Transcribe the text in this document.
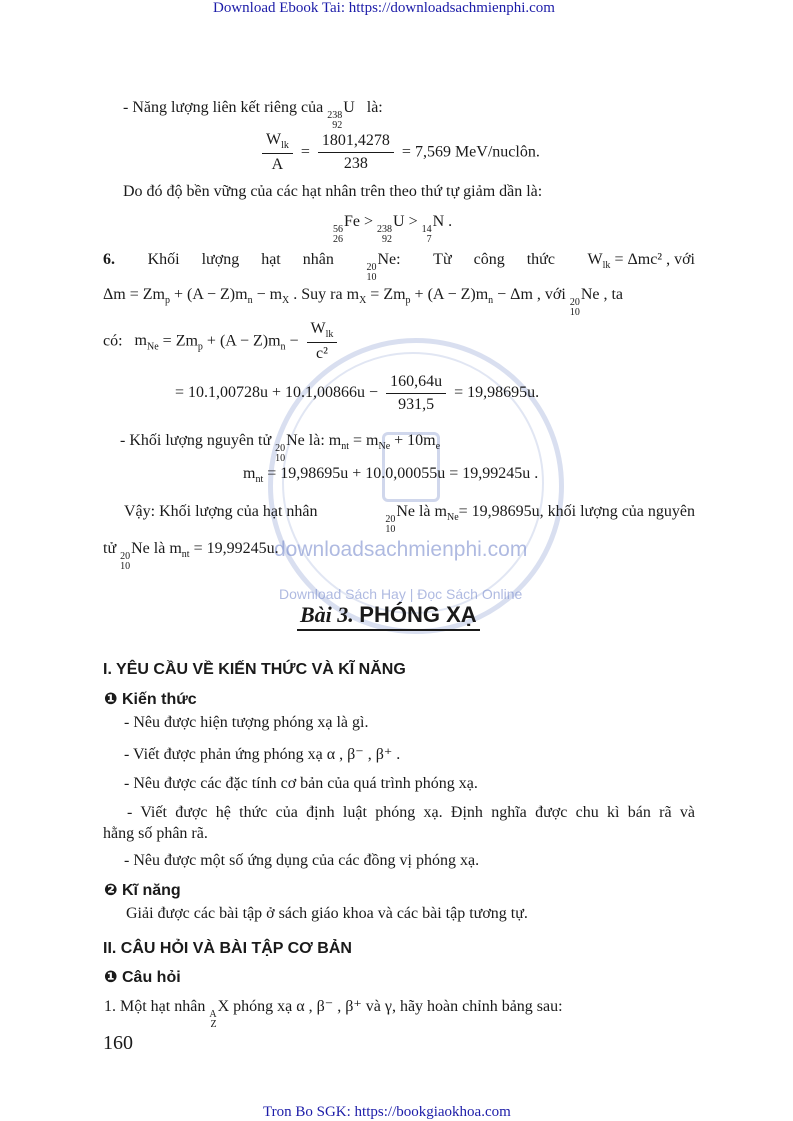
Download Ebook Tai: https://downloadsachmienphi.com
Tron Bo SGK: https://bookgiaokhoa.com
downloadsachmienphi.com
Download Sách Hay | Đọc Sách Online
- Năng lượng liên kết riêng của 238
92
U là:
$\frac{W_{lk}}{A} = \frac{1801,4278}{238} = 7,569$ MeV/nuclôn.
Do đó độ bền vững của các hạt nhân trên theo thứ tự giảm dần là:
56
26
Fe > 238
92
U > 14
7
N .
6. Khối lượng hạt nhân	20
10
Ne: Từ công thức $W_{lk} = \Delta mc^2$ , với
$\Delta m = Zm_p + (A - Z)m_n - m_X$ . Suy ra $m_X = Zm_p + (A - Z)m_n - \Delta m$ , với 20
10
Ne , ta
có: $m_{Ne} = Zm_p + (A - Z)m_n - \frac{W_{lk}}{\text{c²}}$
= $10.1,00728u + 10.1,00866u - \frac{160,64u}{931,5} = 19,98695u$.
- Khối lượng nguyên tử 20
10
Ne là: $m_{nt} = m_{Ne} + 10m_e$
$m_{nt} = 19,98695u + 10.0,00055u = 19,99245u$ .
Vậy: Khối lượng của hạt nhân	20
10
Ne là $m_{Ne}= 19,98695u$, khối lượng của nguyên
tử 20
10
Ne là $m_{nt} = 19,99245u$.
Bài 3. PHÓNG XẠ
I. YÊU CẦU VỀ KIẾN THỨC VÀ KĨ NĂNG
❶ Kiến thức
- Nêu được hiện tượng phóng xạ là gì.
- Viết được phản ứng phóng xạ α , β⁻ , β⁺ .
- Nêu được các đặc tính cơ bản của quá trình phóng xạ.
- Viết được hệ thức của định luật phóng xạ. Định nghĩa được chu kì bán rã và
hằng số phân rã.
- Nêu được một số ứng dụng của các đồng vị phóng xạ.
❷ Kĩ năng
Giải được các bài tập ở sách giáo khoa và các bài tập tương tự.
II. CÂU HỎI VÀ BÀI TẬP CƠ BẢN
❶ Câu hỏi
1. Một hạt nhân A
Z
X phóng xạ α , β⁻ , β⁺ và γ, hãy hoàn chỉnh bảng sau:
160
